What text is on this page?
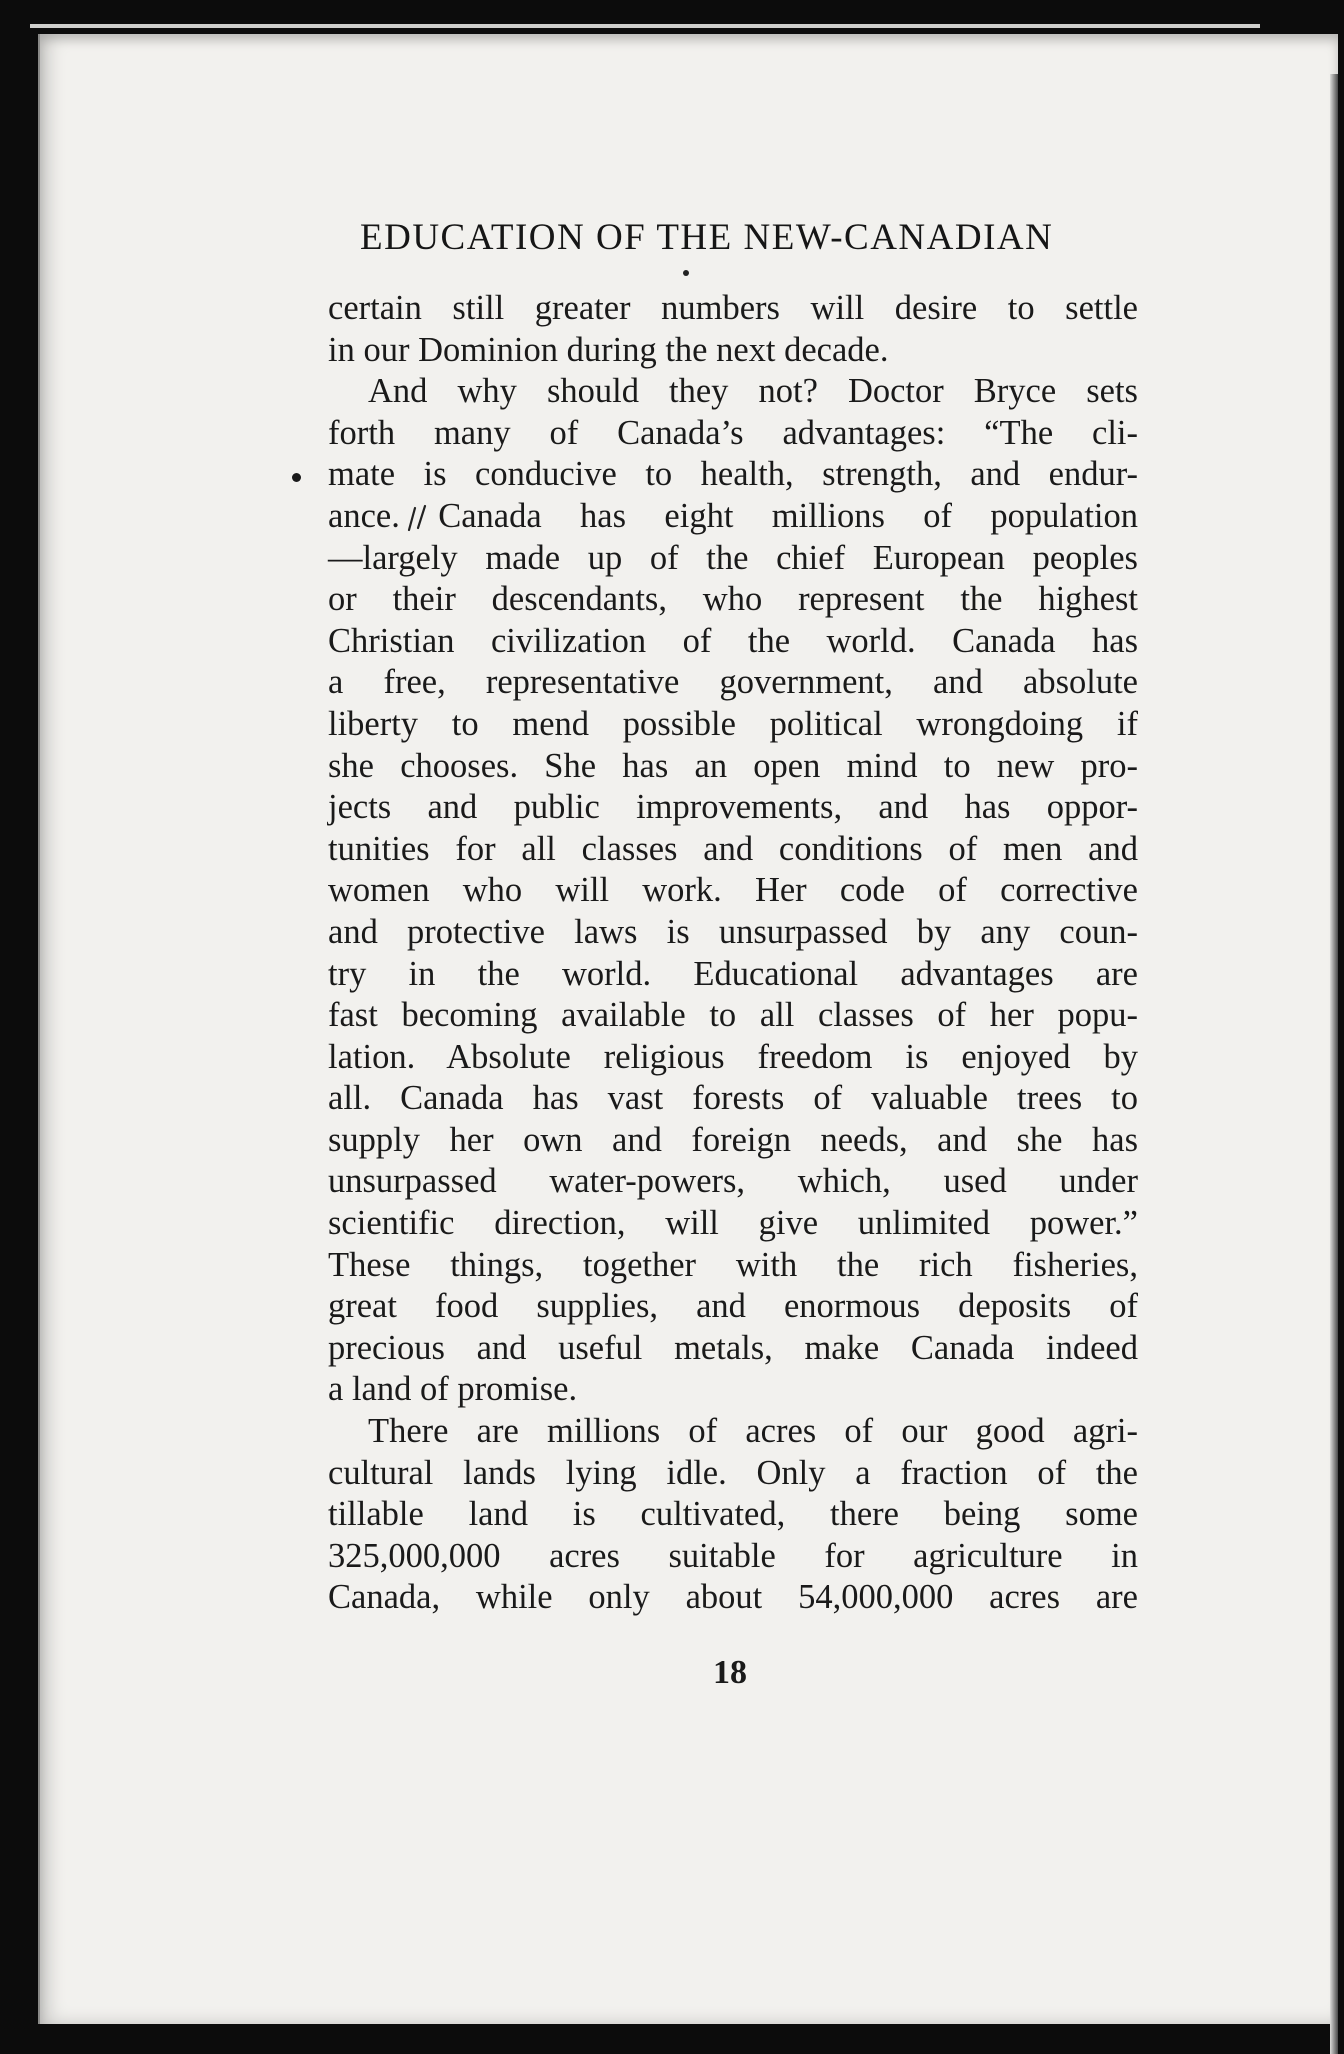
EDUCATION OF THE NEW-CANADIAN
certain still greater numbers will desire to settle
in our Dominion during the next decade.
And why should they not? Doctor Bryce sets
forth many of Canada’s advantages: “The cli-
mate is conducive to health, strength, and endur-
ance. Canada has eight millions of population
—largely made up of the chief European peoples
or their descendants, who represent the highest
Christian civilization of the world. Canada has
a free, representative government, and absolute
liberty to mend possible political wrongdoing if
she chooses. She has an open mind to new pro-
jects and public improvements, and has oppor-
tunities for all classes and conditions of men and
women who will work. Her code of corrective
and protective laws is unsurpassed by any coun-
try in the world. Educational advantages are
fast becoming available to all classes of her popu-
lation. Absolute religious freedom is enjoyed by
all. Canada has vast forests of valuable trees to
supply her own and foreign needs, and she has
unsurpassed water-powers, which, used under
scientific direction, will give unlimited power.”
These things, together with the rich fisheries,
great food supplies, and enormous deposits of
precious and useful metals, make Canada indeed
a land of promise.
There are millions of acres of our good agri-
cultural lands lying idle. Only a fraction of the
tillable land is cultivated, there being some
325,000,000 acres suitable for agriculture in
Canada, while only about 54,000,000 acres are
18
